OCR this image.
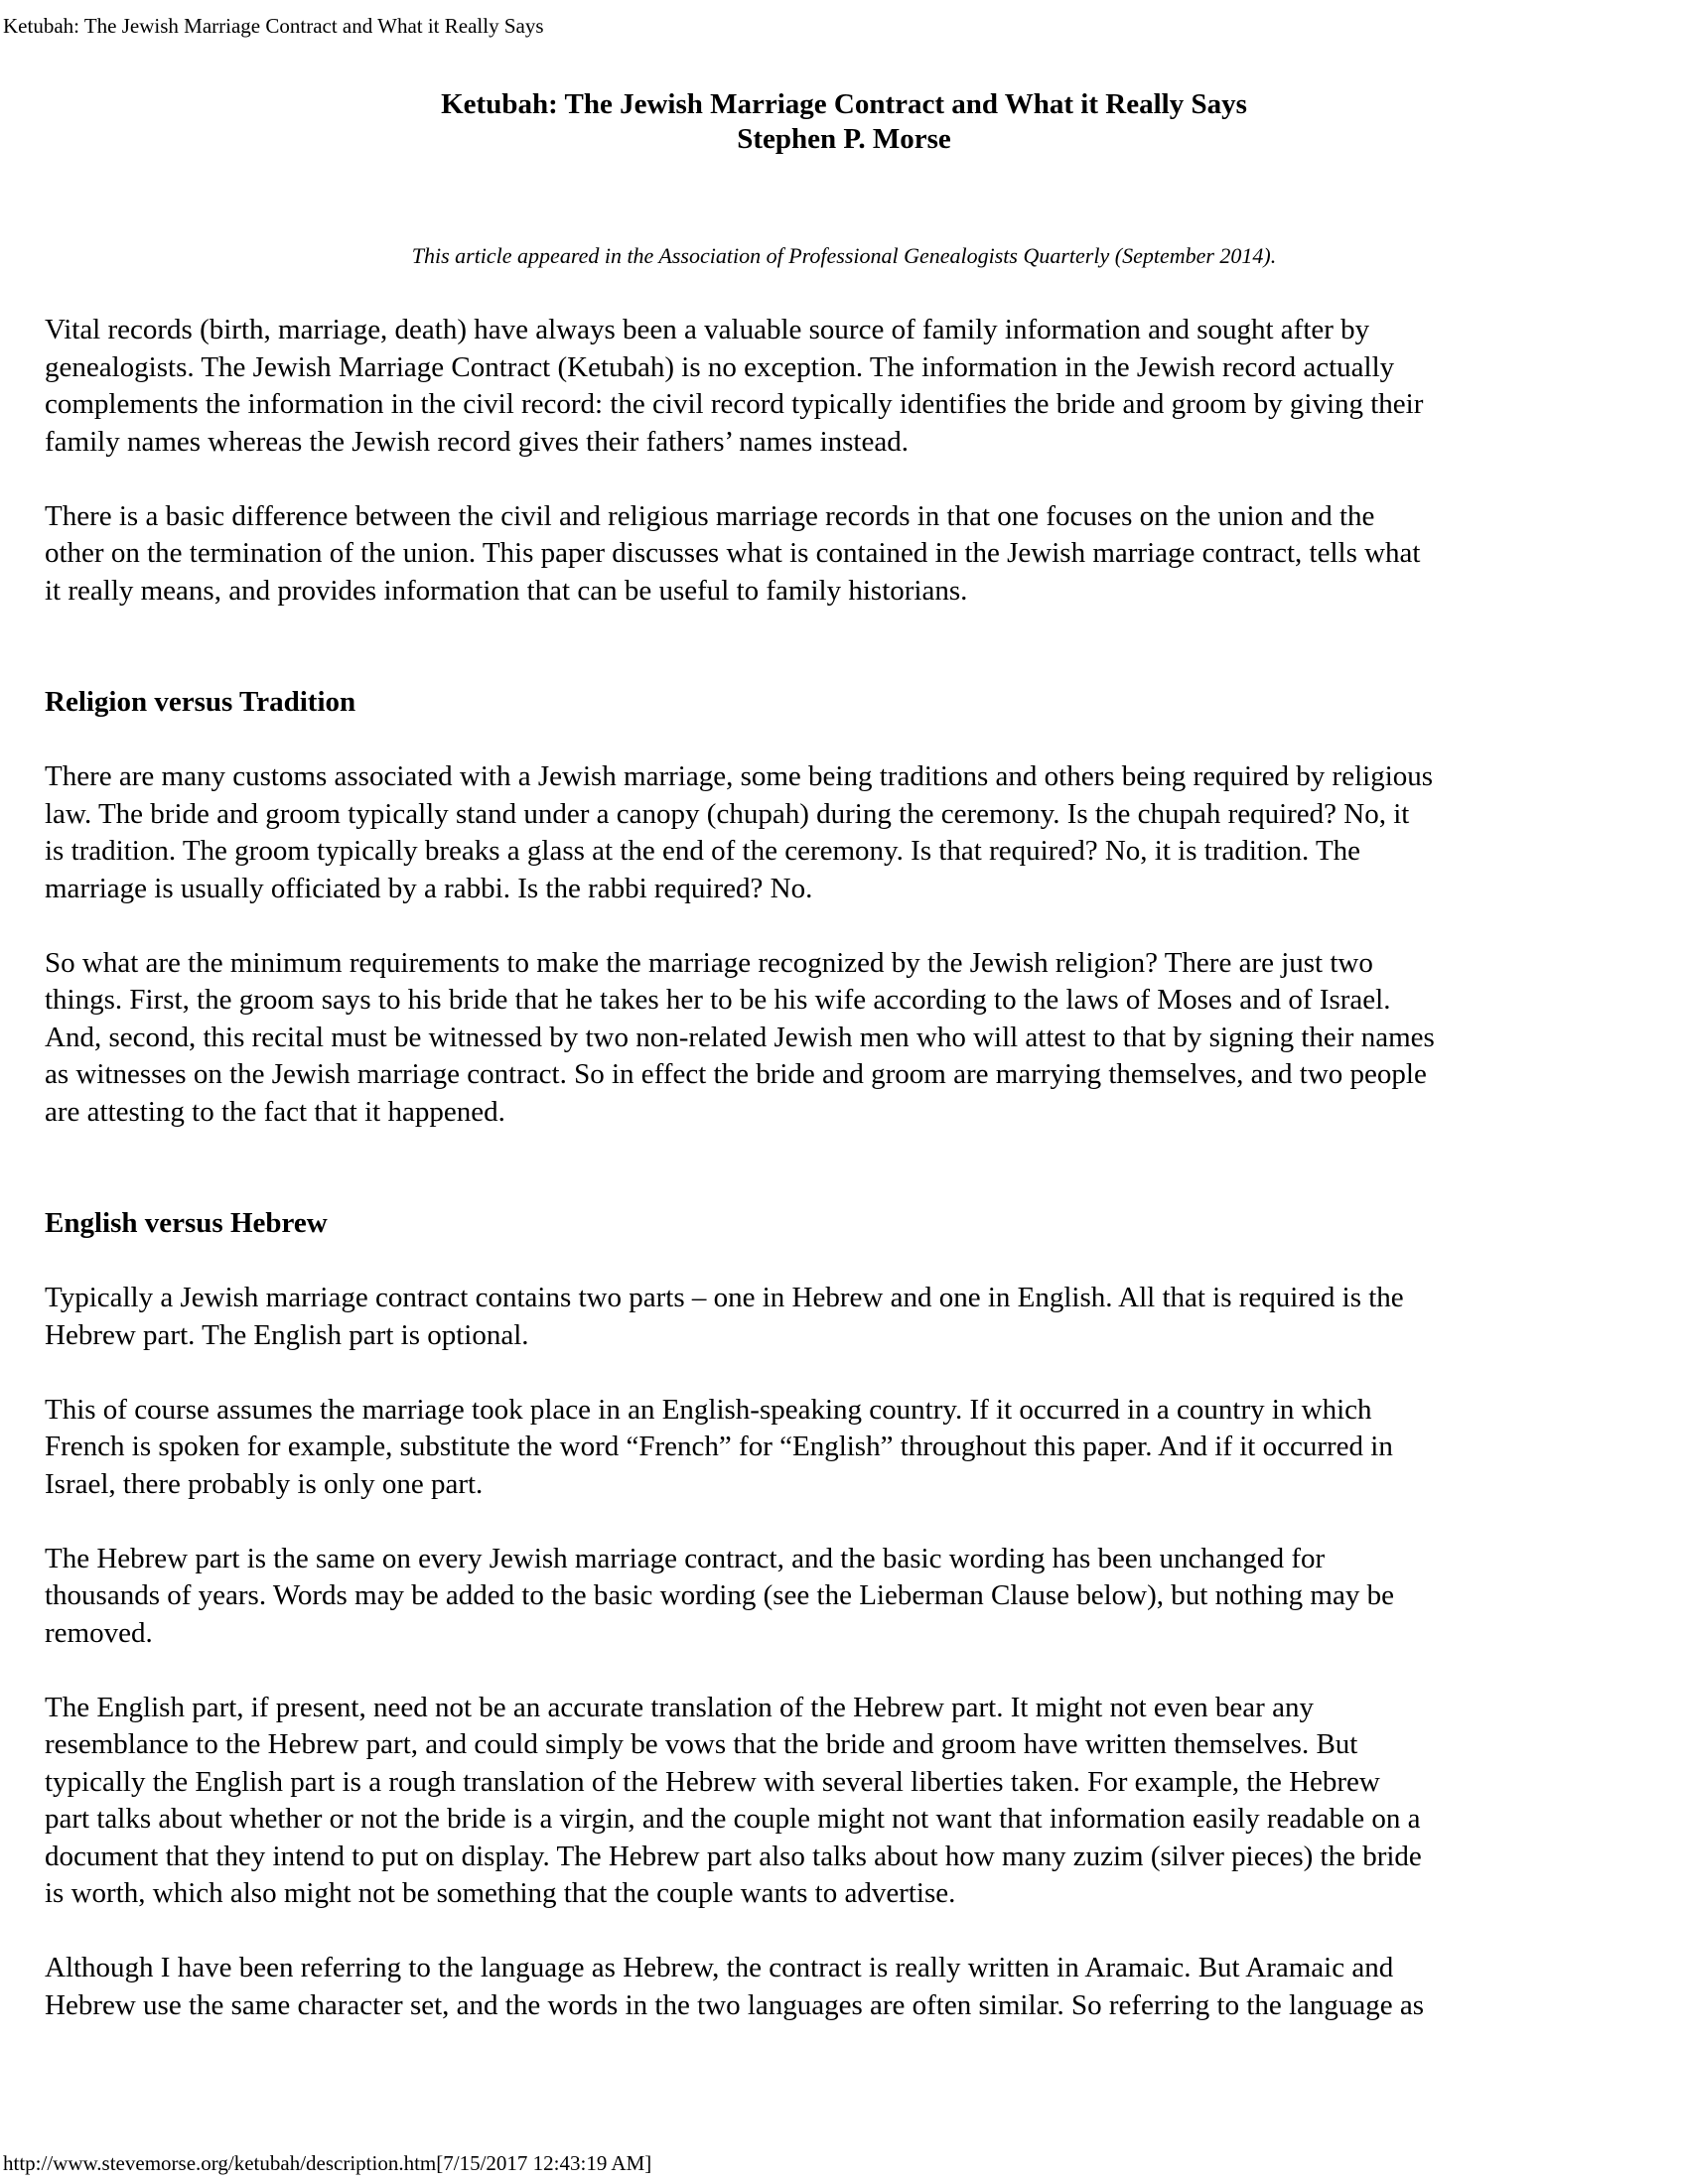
Ketubah: The Jewish Marriage Contract and What it Really Says
Ketubah: The Jewish Marriage Contract and What it Really Says
Stephen P. Morse
This article appeared in the Association of Professional Genealogists Quarterly (September 2014).

Vital records (birth, marriage, death) have always been a valuable source of family information and sought after by
genealogists. The Jewish Marriage Contract (Ketubah) is no exception. The information in the Jewish record actually
complements the information in the civil record: the civil record typically identifies the bride and groom by giving their
family names whereas the Jewish record gives their fathers’ names instead.

There is a basic difference between the civil and religious marriage records in that one focuses on the union and the
other on the termination of the union. This paper discusses what is contained in the Jewish marriage contract, tells what
it really means, and provides information that can be useful to family historians.

Religion versus Tradition

There are many customs associated with a Jewish marriage, some being traditions and others being required by religious
law. The bride and groom typically stand under a canopy (chupah) during the ceremony. Is the chupah required? No, it
is tradition. The groom typically breaks a glass at the end of the ceremony. Is that required? No, it is tradition. The
marriage is usually officiated by a rabbi. Is the rabbi required? No.

So what are the minimum requirements to make the marriage recognized by the Jewish religion? There are just two
things. First, the groom says to his bride that he takes her to be his wife according to the laws of Moses and of Israel.
And, second, this recital must be witnessed by two non-related Jewish men who will attest to that by signing their names
as witnesses on the Jewish marriage contract. So in effect the bride and groom are marrying themselves, and two people
are attesting to the fact that it happened.

English versus Hebrew

Typically a Jewish marriage contract contains two parts – one in Hebrew and one in English. All that is required is the
Hebrew part. The English part is optional.

This of course assumes the marriage took place in an English-speaking country. If it occurred in a country in which
French is spoken for example, substitute the word “French” for “English” throughout this paper. And if it occurred in
Israel, there probably is only one part.

The Hebrew part is the same on every Jewish marriage contract, and the basic wording has been unchanged for
thousands of years. Words may be added to the basic wording (see the Lieberman Clause below), but nothing may be
removed.

The English part, if present, need not be an accurate translation of the Hebrew part. It might not even bear any
resemblance to the Hebrew part, and could simply be vows that the bride and groom have written themselves. But
typically the English part is a rough translation of the Hebrew with several liberties taken. For example, the Hebrew
part talks about whether or not the bride is a virgin, and the couple might not want that information easily readable on a
document that they intend to put on display. The Hebrew part also talks about how many zuzim (silver pieces) the bride
is worth, which also might not be something that the couple wants to advertise.

Although I have been referring to the language as Hebrew, the contract is really written in Aramaic. But Aramaic and
Hebrew use the same character set, and the words in the two languages are often similar. So referring to the language as

http://www.stevemorse.org/ketubah/description.htm[7/15/2017 12:43:19 AM]
